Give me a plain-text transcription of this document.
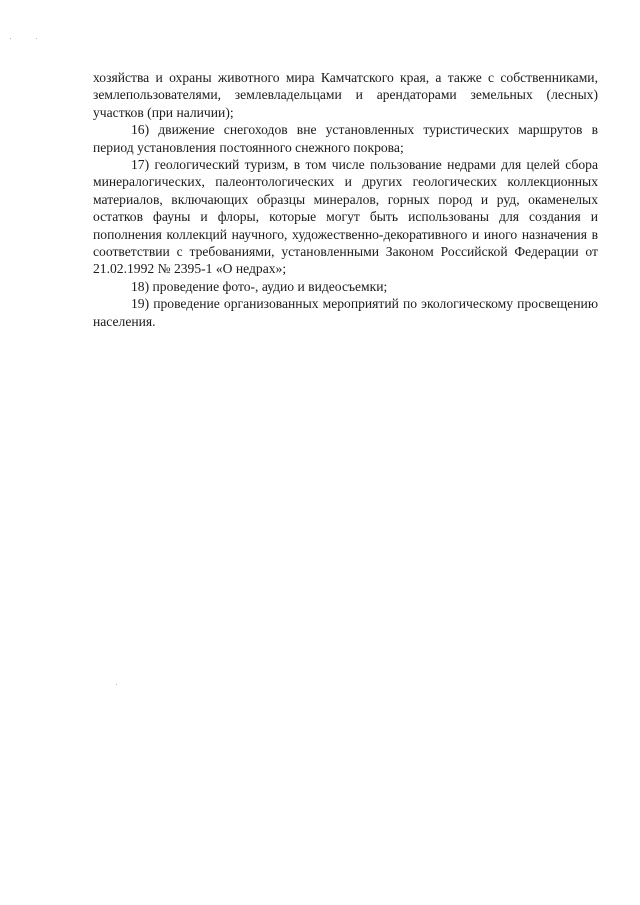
хозяйства и охраны животного мира Камчатского края, а также с собственниками, землепользователями, землевладельцами и арендаторами земельных (лесных) участков (при наличии);

16) движение снегоходов вне установленных туристических маршрутов в период установления постоянного снежного покрова;

17) геологический туризм, в том числе пользование недрами для целей сбора минералогических, палеонтологических и других геологических коллекционных материалов, включающих образцы минералов, горных пород и руд, окаменелых остатков фауны и флоры, которые могут быть использованы для создания и пополнения коллекций научного, художественно-декоративного и иного назначения в соответствии с требованиями, установленными Законом Российской Федерации от 21.02.1992 № 2395-1 «О недрах»;

18) проведение фото-, аудио и видеосъемки;

19) проведение организованных мероприятий по экологическому просвещению населения.
